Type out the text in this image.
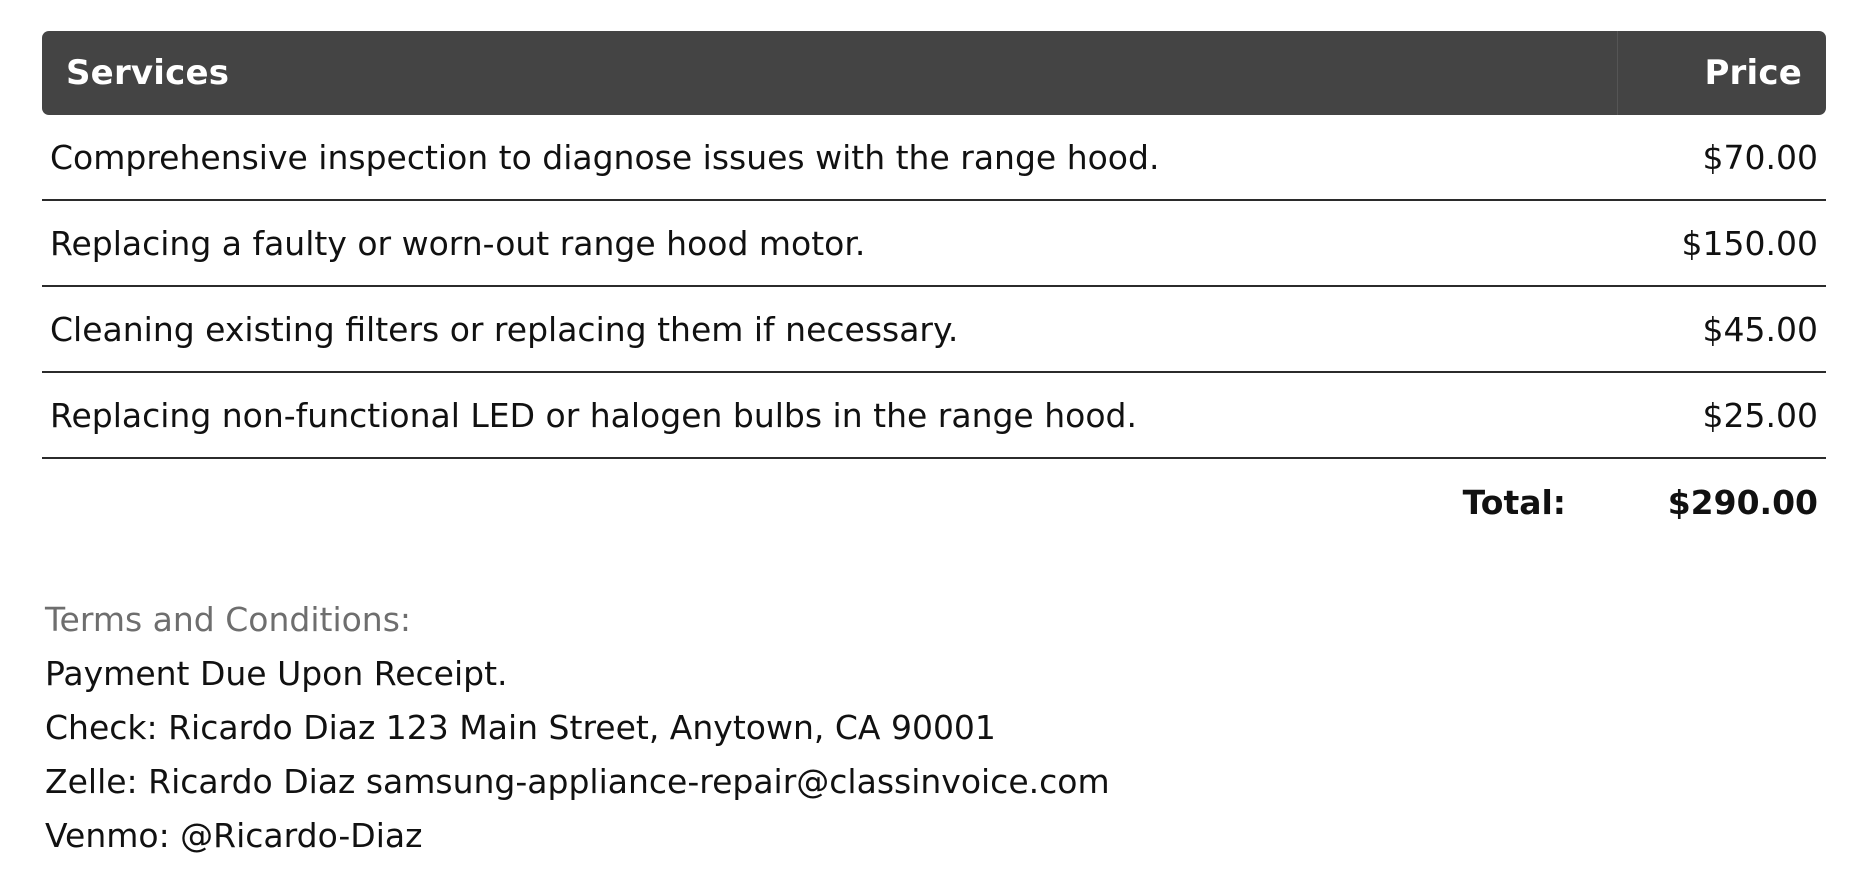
Services	Price
Comprehensive inspection to diagnose issues with the range hood.	$70.00
Replacing a faulty or worn-out range hood motor.	$150.00
Cleaning existing filters or replacing them if necessary.	$45.00
Replacing non-functional LED or halogen bulbs in the range hood.	$25.00
Total:	$290.00
Terms and Conditions:
Payment Due Upon Receipt.
Check: Ricardo Diaz 123 Main Street, Anytown, CA 90001
Zelle: Ricardo Diaz samsung-appliance-repair@classinvoice.com
Venmo: @Ricardo-Diaz
